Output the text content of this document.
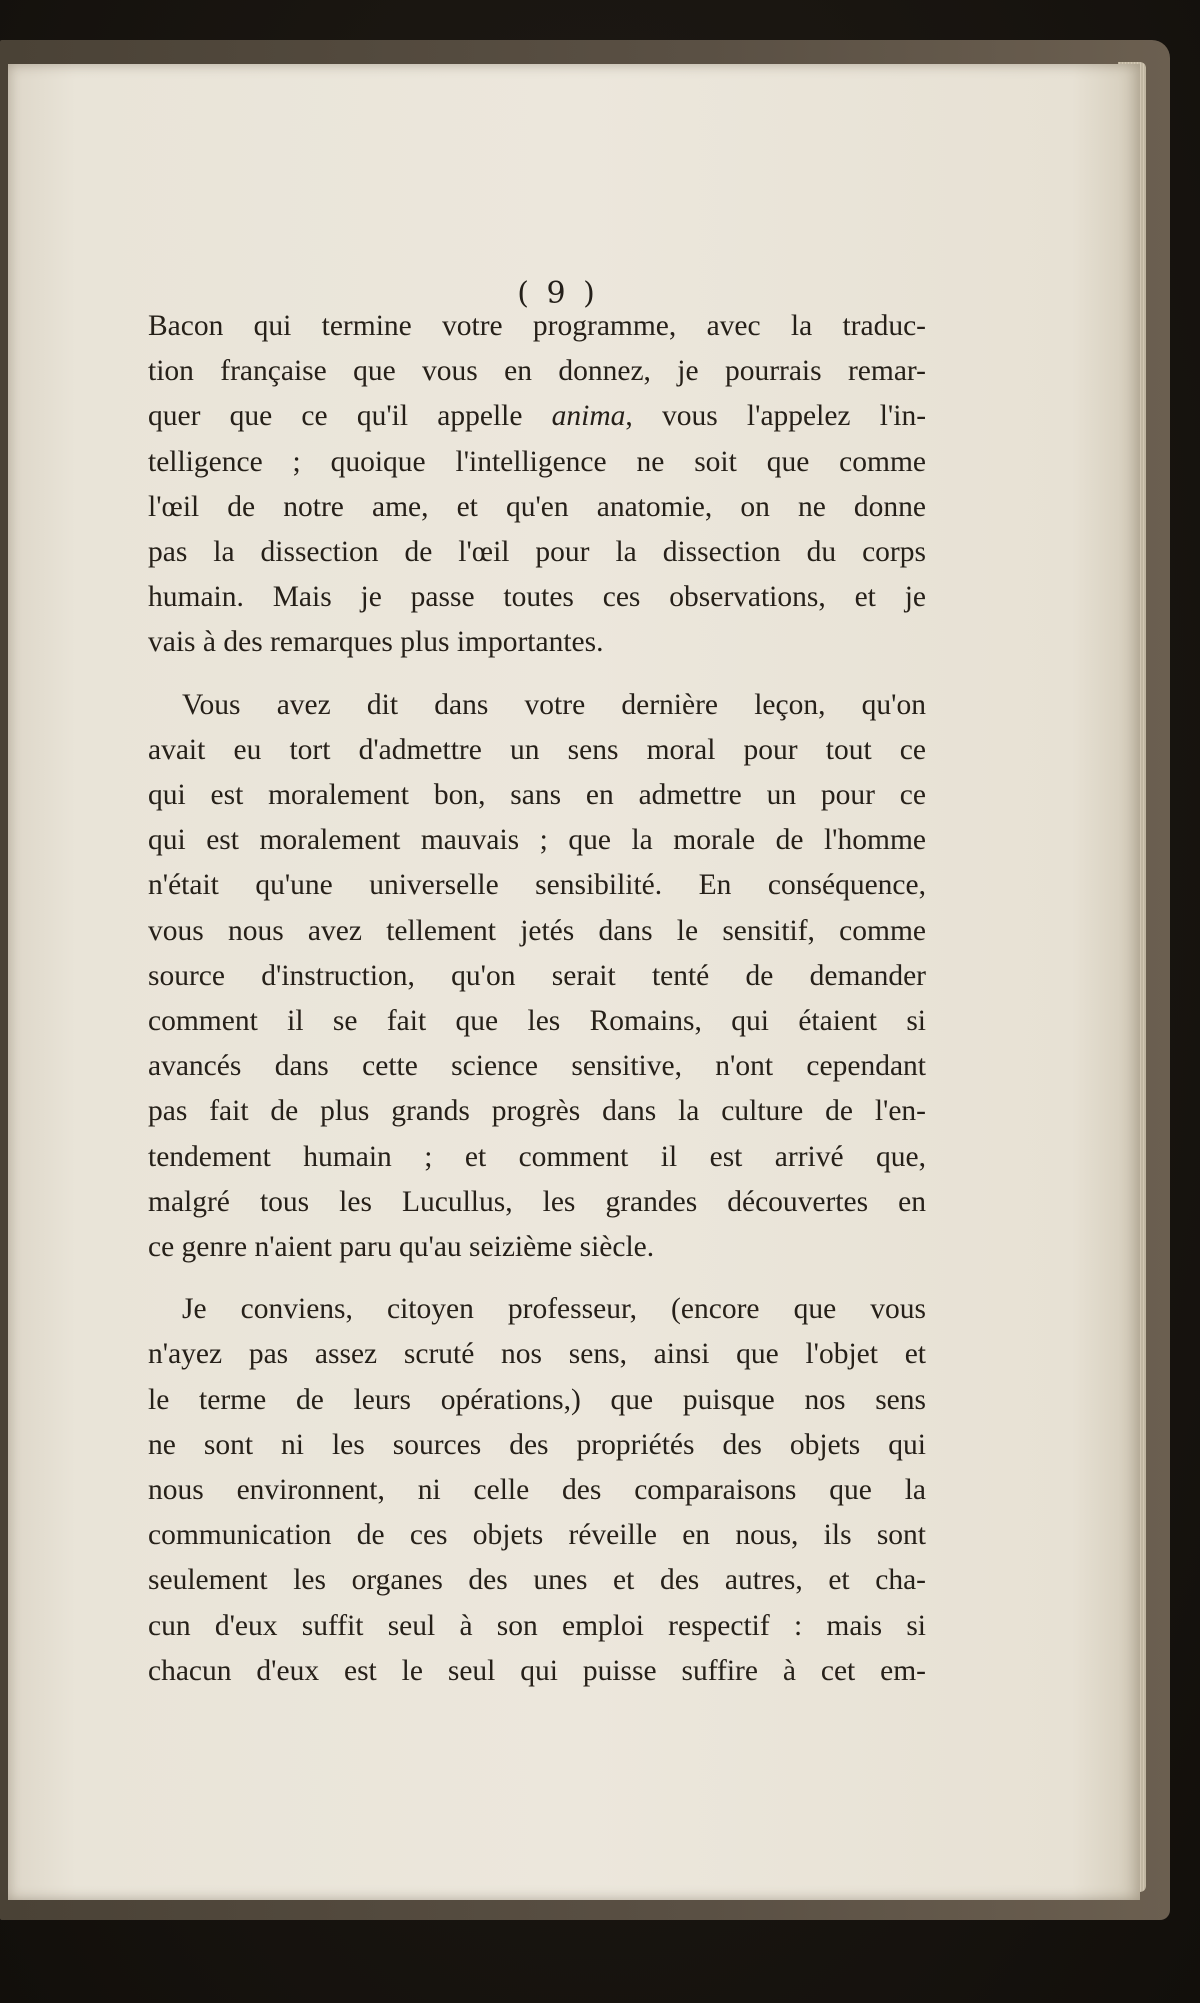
( 9 )

Bacon qui termine votre programme, avec la traduc-
tion française que vous en donnez, je pourrais remar-
quer que ce qu'il appelle anima, vous l'appelez l'in-
telligence ; quoique l'intelligence ne soit que comme
l'œil de notre ame, et qu'en anatomie, on ne donne
pas la dissection de l'œil pour la dissection du corps
humain. Mais je passe toutes ces observations, et je
vais à des remarques plus importantes.

Vous avez dit dans votre dernière leçon, qu'on
avait eu tort d'admettre un sens moral pour tout ce
qui est moralement bon, sans en admettre un pour ce
qui est moralement mauvais ; que la morale de l'homme
n'était qu'une universelle sensibilité. En conséquence,
vous nous avez tellement jetés dans le sensitif, comme
source d'instruction, qu'on serait tenté de demander
comment il se fait que les Romains, qui étaient si
avancés dans cette science sensitive, n'ont cependant
pas fait de plus grands progrès dans la culture de l'en-
tendement humain ; et comment il est arrivé que,
malgré tous les Lucullus, les grandes découvertes en
ce genre n'aient paru qu'au seizième siècle.

Je conviens, citoyen professeur, (encore que vous
n'ayez pas assez scruté nos sens, ainsi que l'objet et
le terme de leurs opérations,) que puisque nos sens
ne sont ni les sources des propriétés des objets qui
nous environnent, ni celle des comparaisons que la
communication de ces objets réveille en nous, ils sont
seulement les organes des unes et des autres, et cha-
cun d'eux suffit seul à son emploi respectif : mais si
chacun d'eux est le seul qui puisse suffire à cet em-
